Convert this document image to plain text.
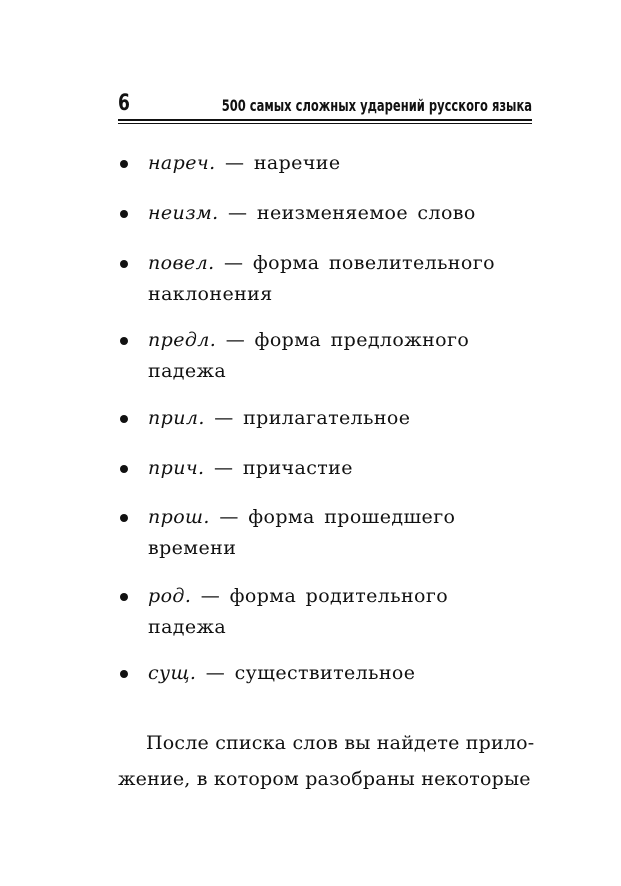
6	500 самых сложных ударений русского языка
нареч. — наречие
неизм. — неизменяемое слово
повел. — форма повелительного
наклонения
предл. — форма предложного
падежа
прил. — прилагательное
прич. — причастие
прош. — форма прошедшего
времени
род. — форма родительного
падежа
сущ. — существительное
После списка слов вы найдете прило-
жение, в котором разобраны некоторые
